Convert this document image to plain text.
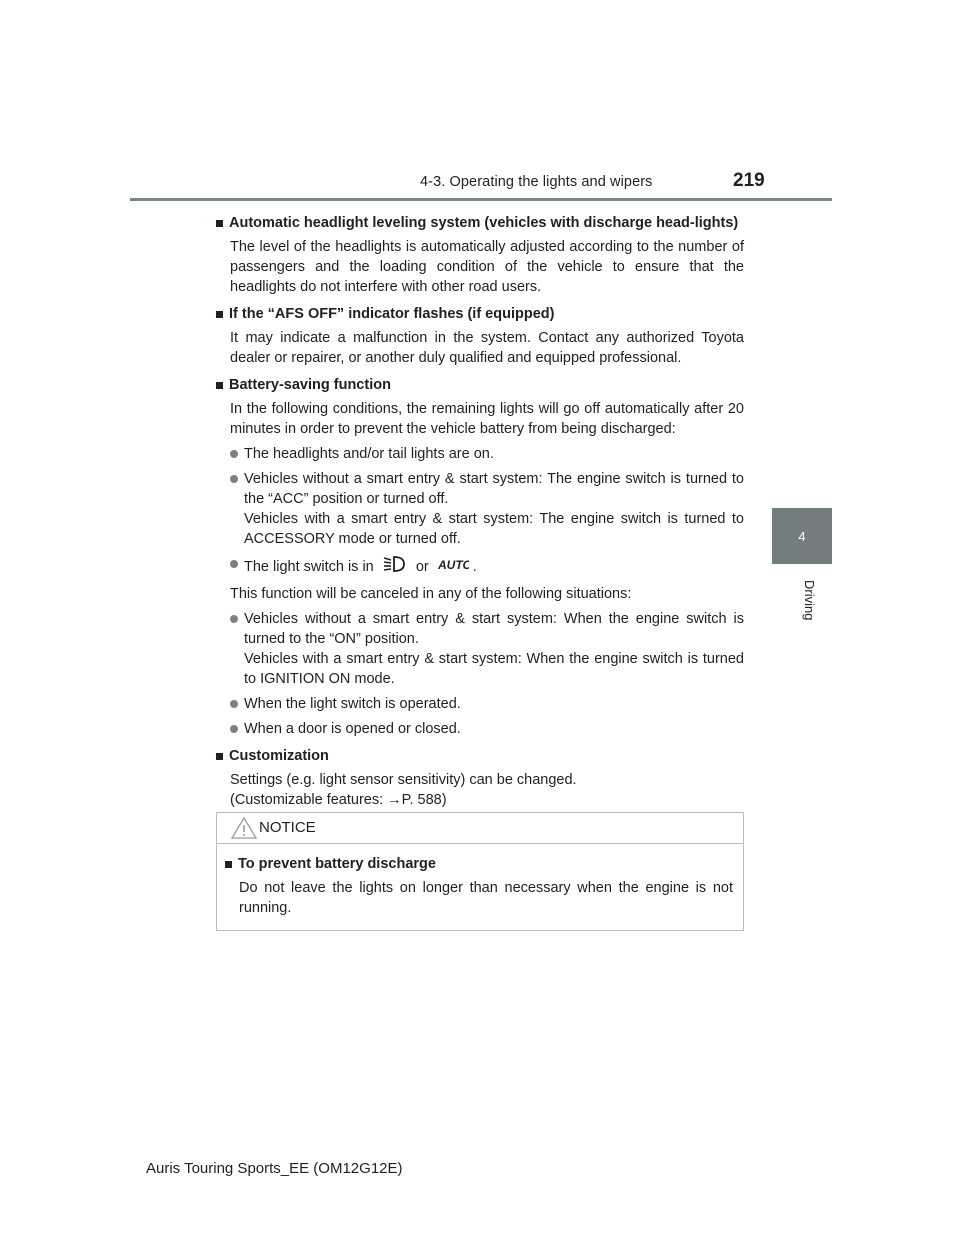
4-3. Operating the lights and wipers	219
4
Driving
Automatic headlight leveling system (vehicles with discharge head-lights)
The level of the headlights is automatically adjusted according to the number of passengers and the loading condition of the vehicle to ensure that the headlights do not interfere with other road users.
If the “AFS OFF” indicator flashes (if equipped)
It may indicate a malfunction in the system. Contact any authorized Toyota dealer or repairer, or another duly qualified and equipped professional.
Battery-saving function
In the following conditions, the remaining lights will go off automatically after 20 minutes in order to prevent the vehicle battery from being discharged:
The headlights and/or tail lights are on.
Vehicles without a smart entry & start system: The engine switch is turned to the “ACC” position or turned off.
Vehicles with a smart entry & start system: The engine switch is turned to ACCESSORY mode or turned off.
The light switch is in	or AUTO .
This function will be canceled in any of the following situations:
Vehicles without a smart entry & start system: When the engine switch is turned to the “ON” position.
Vehicles with a smart entry & start system: When the engine switch is turned to IGNITION ON mode.
When the light switch is operated.
When a door is opened or closed.
Customization
Settings (e.g. light sensor sensitivity) can be changed.
(Customizable features: →P. 588)
NOTICE
To prevent battery discharge
Do not leave the lights on longer than necessary when the engine is not running.
Auris Touring Sports_EE (OM12G12E)
